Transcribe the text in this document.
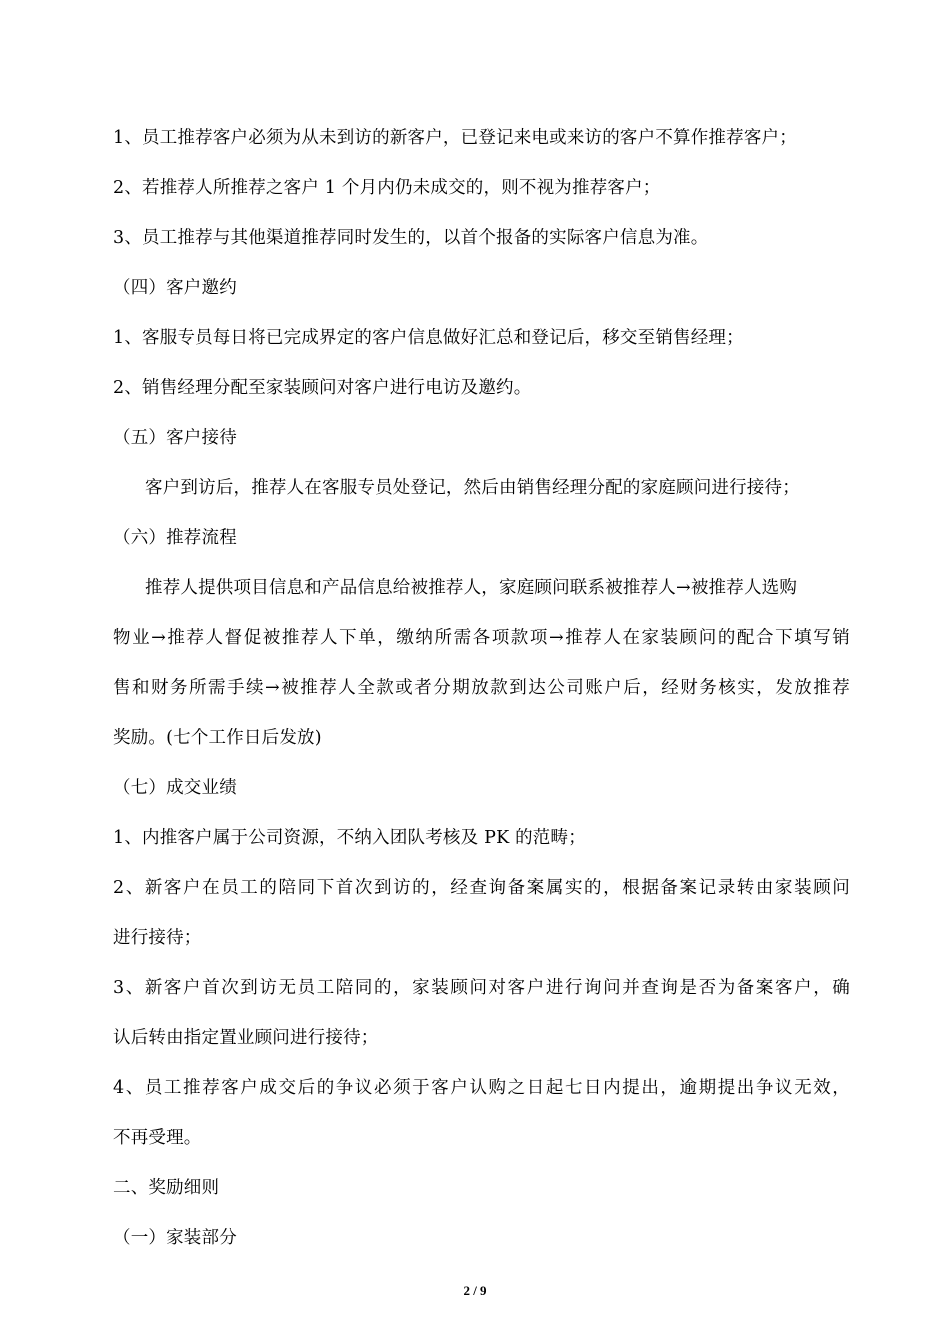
1、员工推荐客户必须为从未到访的新客户，已登记来电或来访的客户不算作推荐客户；
2、若推荐人所推荐之客户 1 个月内仍未成交的，则不视为推荐客户；
3、员工推荐与其他渠道推荐同时发生的，以首个报备的实际客户信息为准。
（四）客户邀约
1、客服专员每日将已完成界定的客户信息做好汇总和登记后，移交至销售经理；
2、销售经理分配至家装顾问对客户进行电访及邀约。
（五）客户接待
客户到访后，推荐人在客服专员处登记，然后由销售经理分配的家庭顾问进行接待；
（六）推荐流程
推荐人提供项目信息和产品信息给被推荐人，家庭顾问联系被推荐人→被推荐人选购
物业→推荐人督促被推荐人下单，缴纳所需各项款项→推荐人在家装顾问的配合下填写销
售和财务所需手续→被推荐人全款或者分期放款到达公司账户后，经财务核实，发放推荐
奖励。(七个工作日后发放)
（七）成交业绩
1、内推客户属于公司资源，不纳入团队考核及 PK 的范畴；
2、新客户在员工的陪同下首次到访的，经查询备案属实的，根据备案记录转由家装顾问
进行接待；
3、新客户首次到访无员工陪同的，家装顾问对客户进行询问并查询是否为备案客户，确
认后转由指定置业顾问进行接待；
4、员工推荐客户成交后的争议必须于客户认购之日起七日内提出，逾期提出争议无效，
不再受理。
二、奖励细则
（一）家装部分
2 / 9
